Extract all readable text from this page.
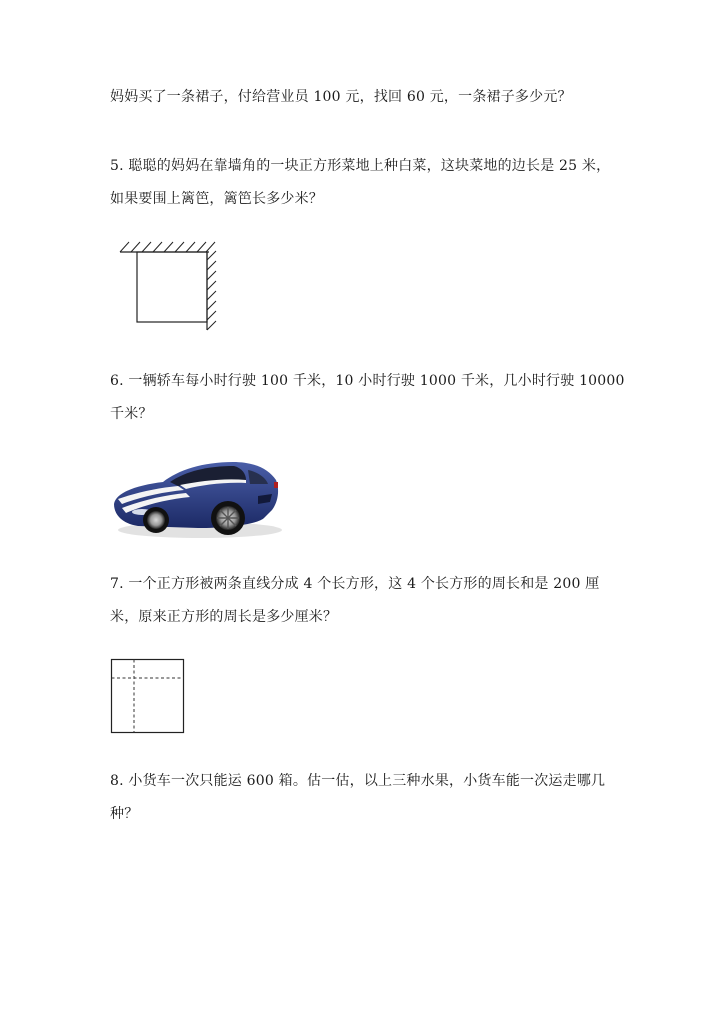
妈妈买了一条裙子，付给营业员 100 元，找回 60 元，一条裙子多少元？
5. 聪聪的妈妈在靠墙角的一块正方形菜地上种白菜，这块菜地的边长是 25 米，
如果要围上篱笆，篱笆长多少米？
6. 一辆轿车每小时行驶 100 千米，10 小时行驶 1000 千米，几小时行驶 10000
千米？
7. 一个正方形被两条直线分成 4 个长方形，这 4 个长方形的周长和是 200 厘
米，原来正方形的周长是多少厘米？
8. 小货车一次只能运 600 箱。估一估，以上三种水果，小货车能一次运走哪几
种？
